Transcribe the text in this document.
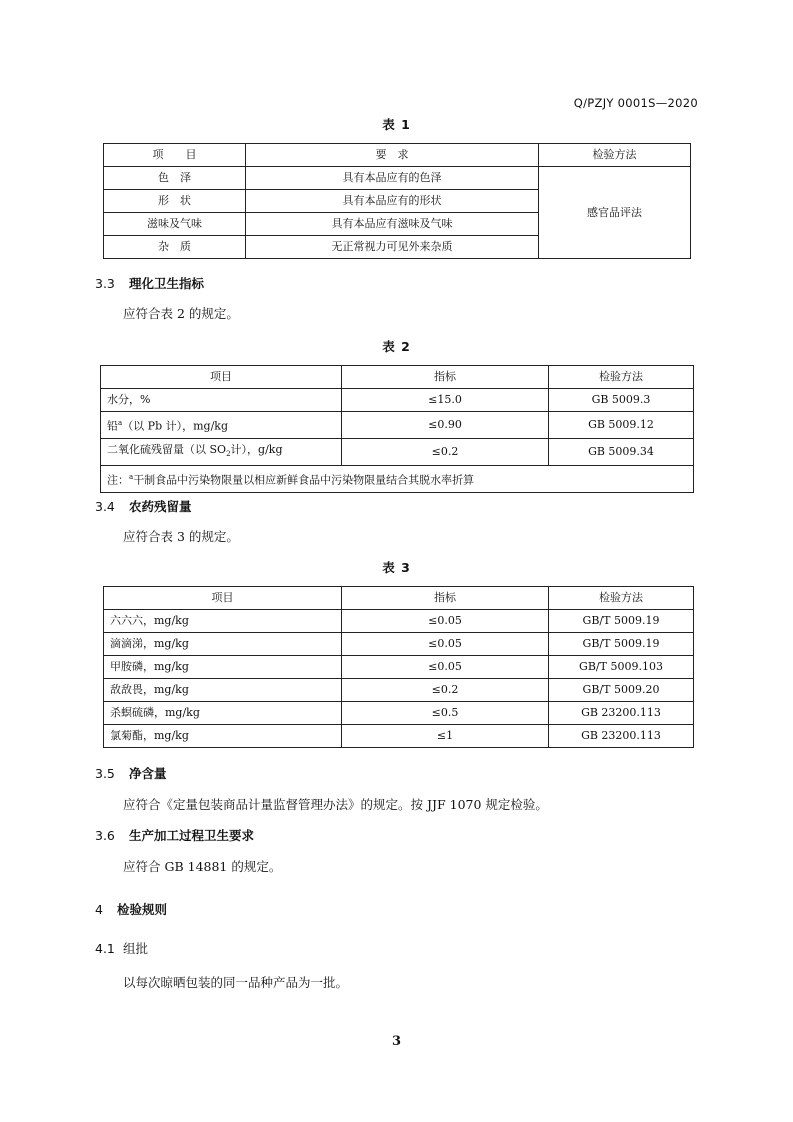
Q/PZJY 0001S—2020
表 1
项　　目	要　求	检验方法
色　泽	具有本品应有的色泽	感官品评法
形　状	具有本品应有的形状	
滋味及气味	具有本品应有滋味及气味	
杂　质	无正常视力可见外来杂质	
3.3 理化卫生指标
应符合表 2 的规定。
表 2
项目	指标	检验方法
水分，%	≤15.0	GB 5009.3
铅$^a$（以 Pb 计），mg/kg	≤0.90	GB 5009.12
二氧化硫残留量（以 $SO_2$计），g/kg	≤0.2	GB 5009.34
注：$^a$干制食品中污染物限量以相应新鲜食品中污染物限量结合其脱水率折算		
3.4 农药残留量
应符合表 3 的规定。
表 3
项目	指标	检验方法
六六六，mg/kg	≤0.05	GB/T 5009.19
滴滴涕，mg/kg	≤0.05	GB/T 5009.19
甲胺磷，mg/kg	≤0.05	GB/T 5009.103
敌敌畏，mg/kg	≤0.2	GB/T 5009.20
杀螟硫磷，mg/kg	≤0.5	GB 23200.113
氯菊酯，mg/kg	≤1	GB 23200.113
3.5 净含量
应符合《定量包装商品计量监督管理办法》的规定。按 JJF 1070 规定检验。
3.6 生产加工过程卫生要求
应符合 GB 14881 的规定。
4 检验规则
4.1 组批
以每次晾晒包装的同一品种产品为一批。
3
